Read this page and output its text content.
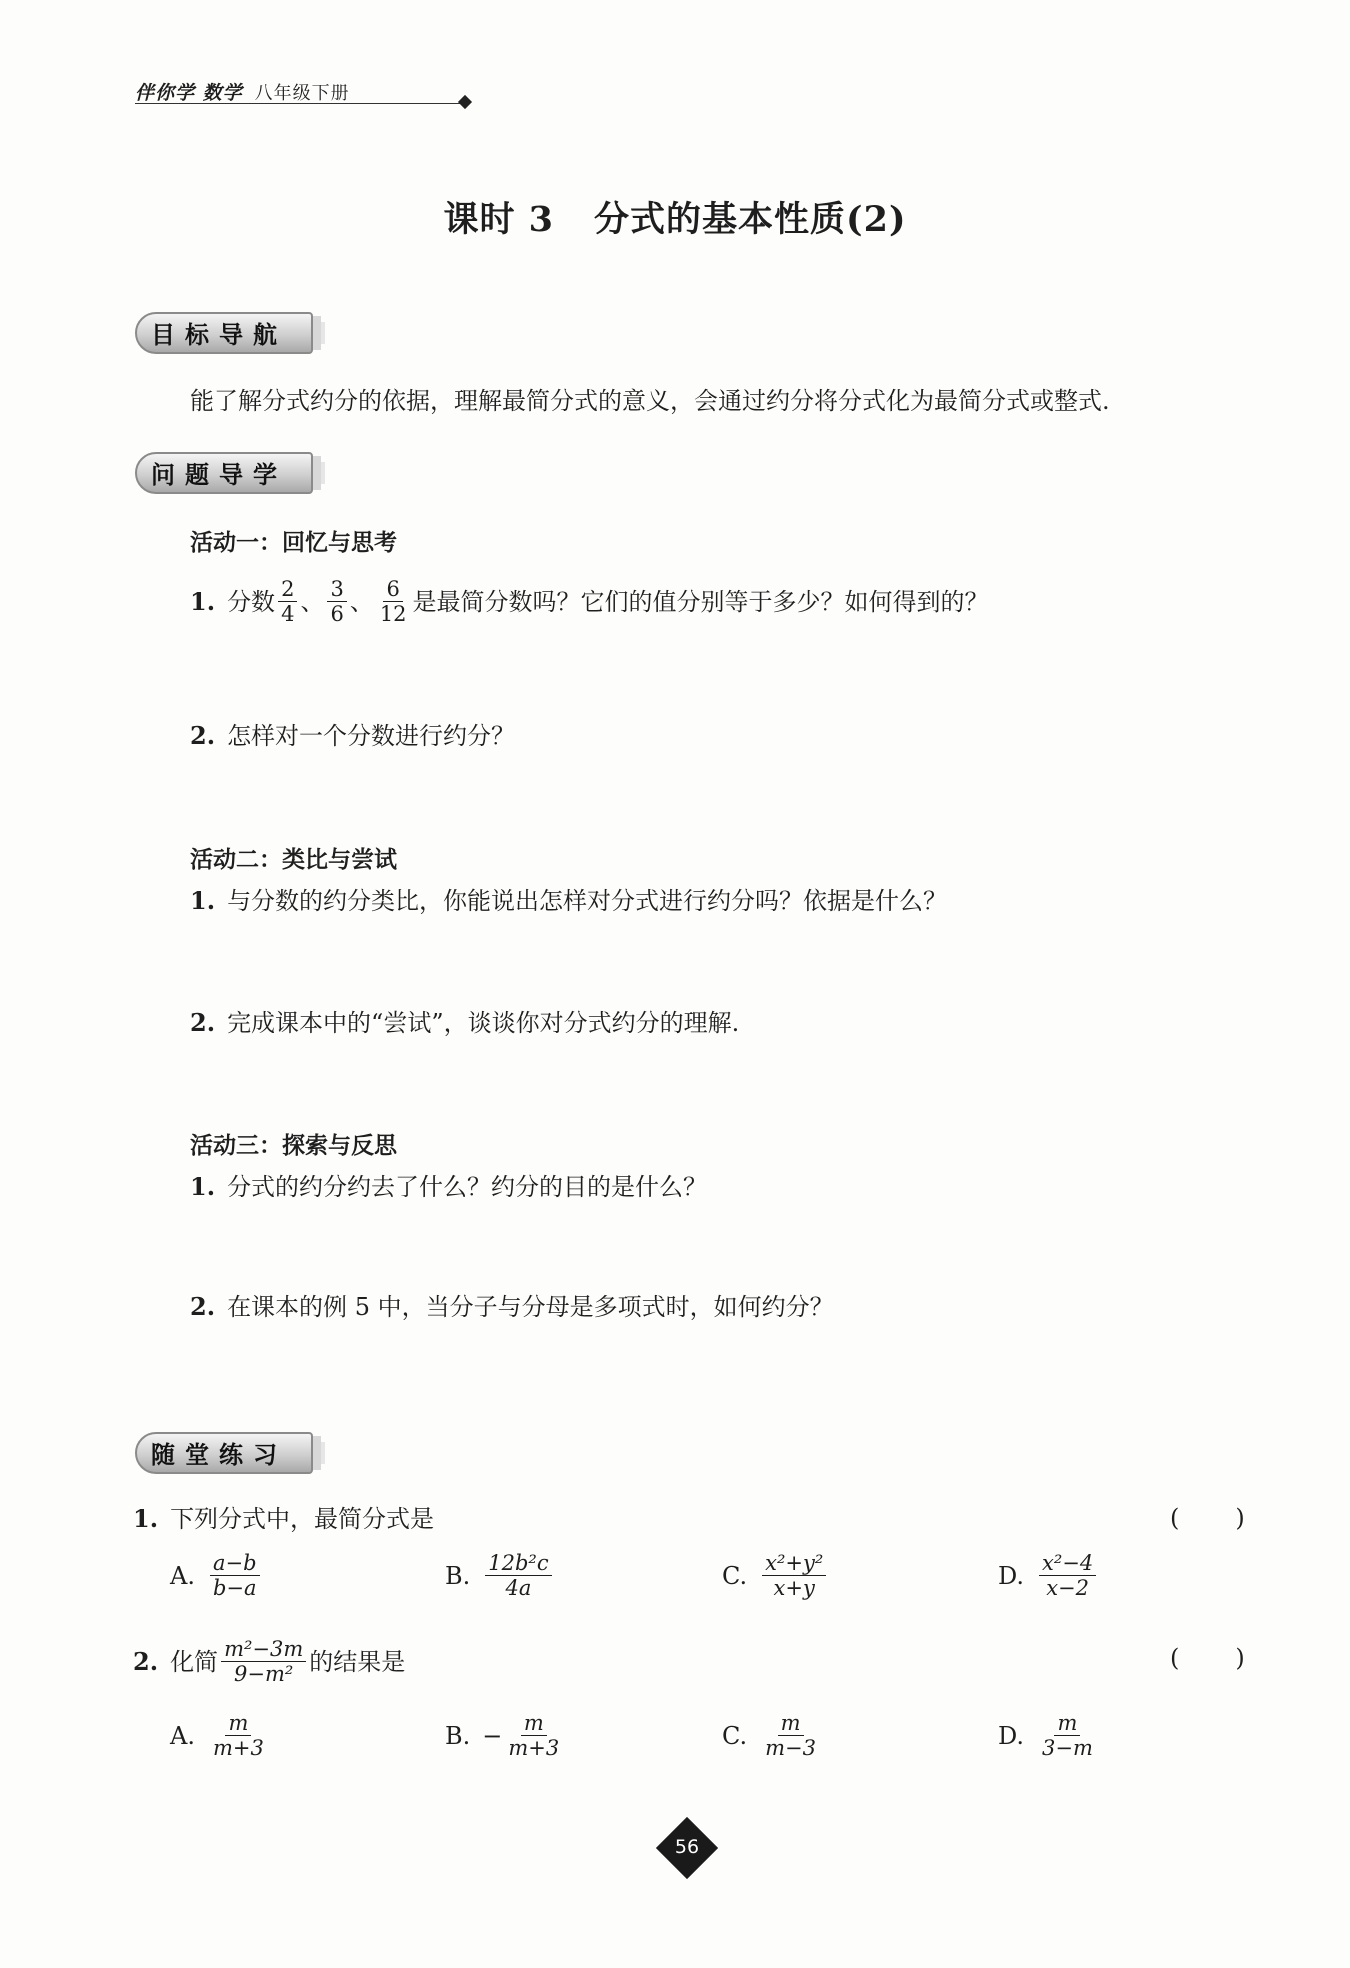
伴你学 数学 八年级下册
课时 3 分式的基本性质(2)
目标导航
能了解分式约分的依据，理解最简分式的意义，会通过约分将分式化为最简分式或整式.
问题导学
活动一：回忆与思考
1. 分数 $\frac{2}{4}$ 、 $\frac{3}{6}$ 、 $\frac{6}{12}$ 是最简分数吗？它们的值分别等于多少？如何得到的？
2. 怎样对一个分数进行约分？
活动二：类比与尝试
1. 与分数的约分类比，你能说出怎样对分式进行约分吗？依据是什么？
2. 完成课本中的“尝试”，谈谈你对分式约分的理解.
活动三：探索与反思
1. 分式的约分约去了什么？约分的目的是什么？
2. 在课本的例 5 中，当分子与分母是多项式时，如何约分？
随堂练习
1. 下列分式中，最简分式是	( )
A. $\frac{a-b}{b-a}$	B. $\frac{\text{12b²c}}{4a}$	C. $\frac{\text{x²+y²}}{x+y}$	D. $\frac{\text{x²−4}}{x-2}$
2. 化简 $\frac{\text{m²−3m}}{\text{9−m²}}$ 的结果是	( )
A. $\frac{m}{m+3}$	B. − $\frac{m}{m+3}$	C. $\frac{m}{m-3}$	D. $\frac{m}{3-m}$
56
